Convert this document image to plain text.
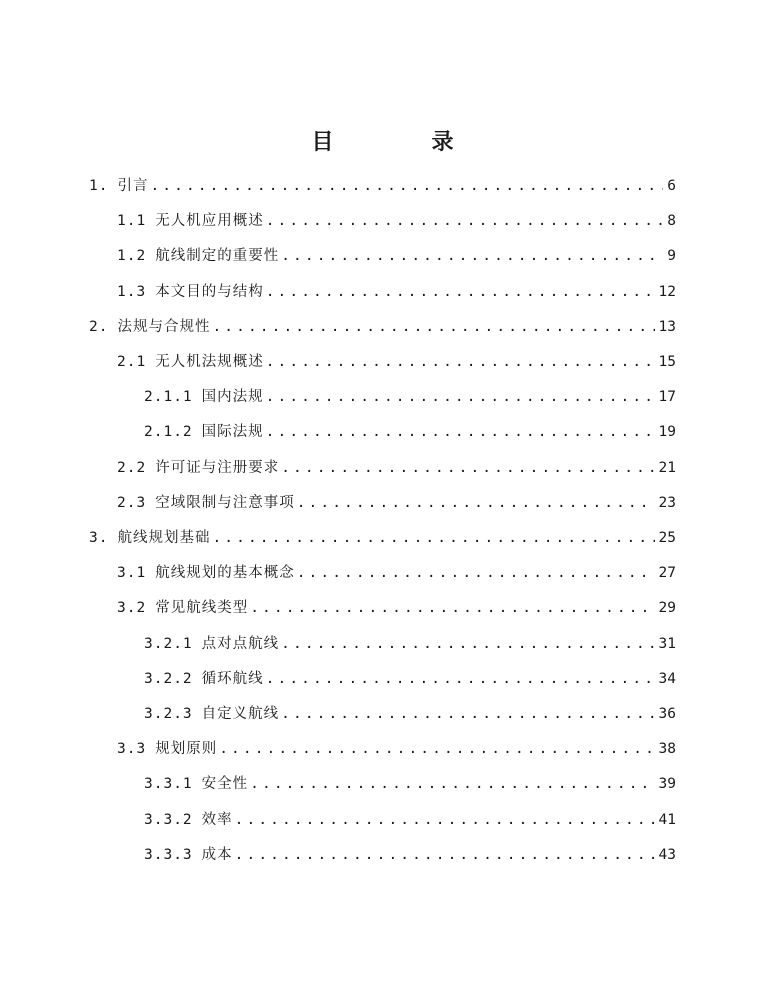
目　录
1. 引言 .....	6
1.1 无人机应用概述 .....	8
1.2 航线制定的重要性 .....	9
1.3 本文目的与结构 .....	12
2. 法规与合规性 .....	13
2.1 无人机法规概述 .....	15
2.1.1 国内法规 .....	17
2.1.2 国际法规 .....	19
2.2 许可证与注册要求 .....	21
2.3 空域限制与注意事项 .....	23
3. 航线规划基础 .....	25
3.1 航线规划的基本概念 .....	27
3.2 常见航线类型 .....	29
3.2.1 点对点航线 .....	31
3.2.2 循环航线 .....	34
3.2.3 自定义航线 .....	36
3.3 规划原则 .....	38
3.3.1 安全性 .....	39
3.3.2 效率 .....	41
3.3.3 成本 .....	43
